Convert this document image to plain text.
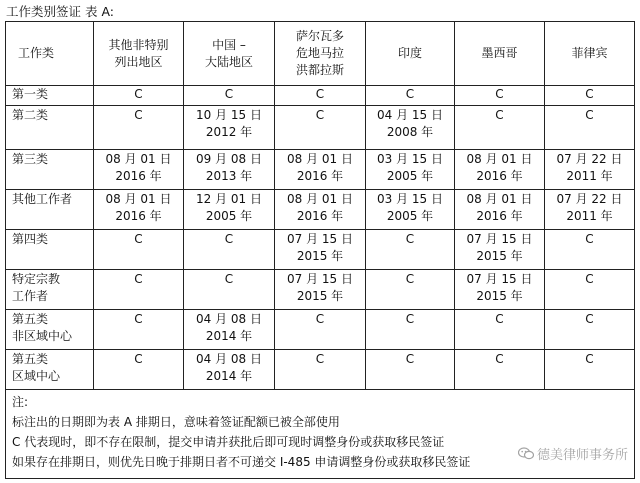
工作类别签证 表 A:
工作类	其他非特别
列出地区	中国 –
大陆地区	萨尔瓦多
危地马拉
洪都拉斯	印度	墨西哥	菲律宾

第一类	C	C	C	C	C	C

第二类	C	10 月 15 日
2012 年	C	04 月 15 日
2008 年	C	C

第三类	08 月 01 日
2016 年	09 月 08 日
2013 年	08 月 01 日
2016 年	03 月 15 日
2005 年	08 月 01 日
2016 年	07 月 22 日
2011 年

其他工作者	08 月 01 日
2016 年	12 月 01 日
2005 年	08 月 01 日
2016 年	03 月 15 日
2005 年	08 月 01 日
2016 年	07 月 22 日
2011 年

第四类	C	C	07 月 15 日
2015 年	C	07 月 15 日
2015 年	C

特定宗教
工作者	C	C	07 月 15 日
2015 年	C	07 月 15 日
2015 年	C

第五类
非区域中心	C	04 月 08 日
2014 年	C	C	C	C

第五类
区域中心	C	04 月 08 日
2014 年	C	C	C	C

注:
标注出的日期即为表 A 排期日，意味着签证配额已被全部使用
C 代表现时，即不存在限制，提交申请并获批后即可现时调整身份或获取移民签证
如果存在排期日，则优先日晚于排期日者不可递交 I-485 申请调整身份或获取移民签证							德美律师事务所
